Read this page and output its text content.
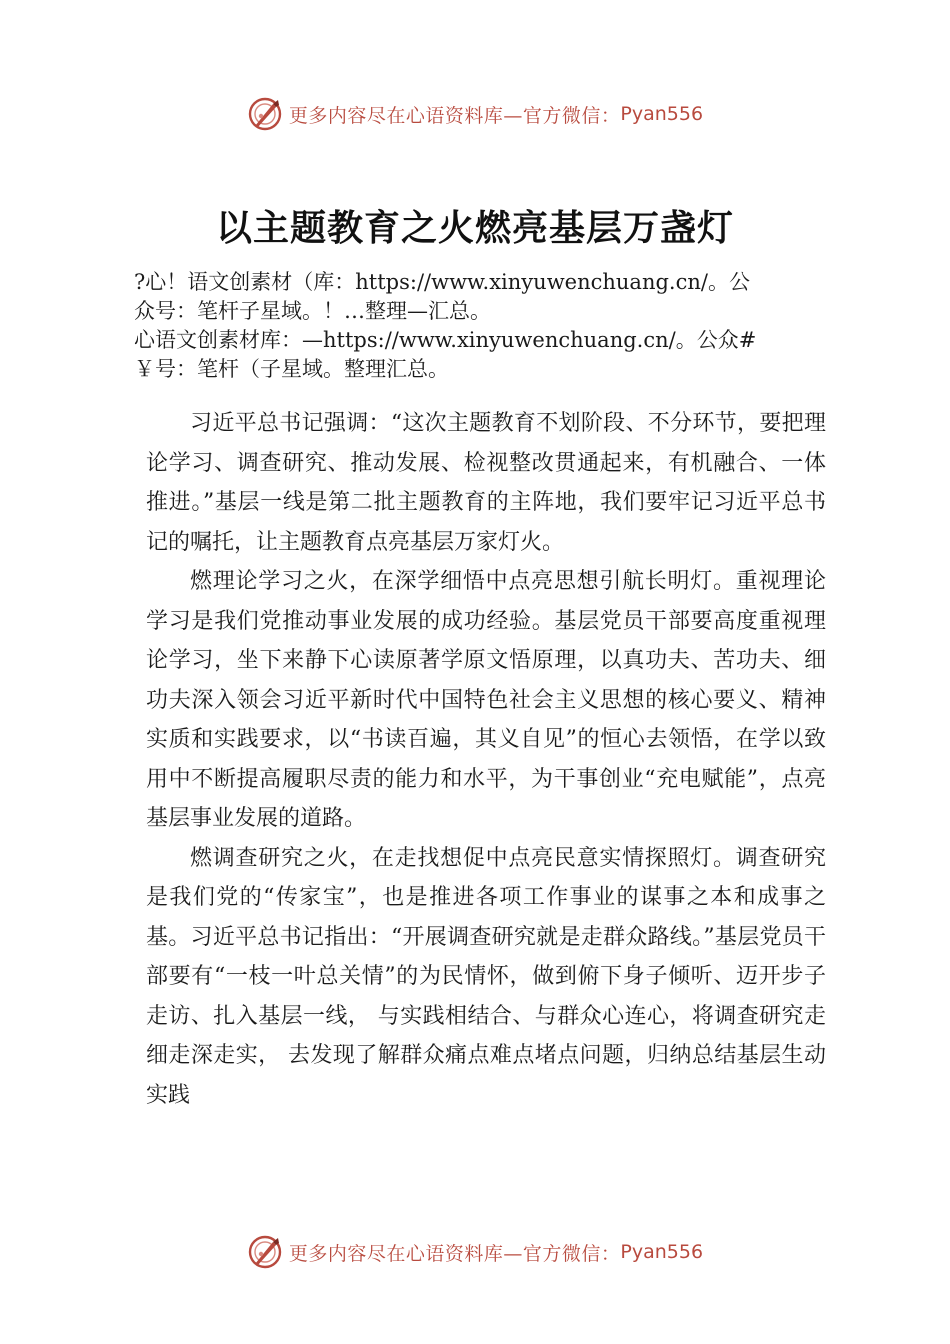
更多内容尽在心语资料库—官方微信： Pyan556
以主题教育之火燃亮基层万盏灯

?心！语文创素材（库：https://www.xinyuwenchuang.cn/。公

众号：笔杆子星域。！…整理—汇总。

心语文创素材库：—https://www.xinyuwenchuang.cn/。公众#

￥号：笔杆（子星域。整理汇总。

习近平总书记强调：“这次主题教育不划阶段、不分环节，要把理论学习、调查研究、推动发展、检视整改贯通起来，有机融合、一体推进。”基层一线是第二批主题教育的主阵地，我们要牢记习近平总书记的嘱托，让主题教育点亮基层万家灯火。

燃理论学习之火，在深学细悟中点亮思想引航长明灯。重视理论学习是我们党推动事业发展的成功经验。基层党员干部要高度重视理论学习，坐下来静下心读原著学原文悟原理，以真功夫、苦功夫、细功夫深入领会习近平新时代中国特色社会主义思想的核心要义、精神实质和实践要求，以“书读百遍，其义自见”的恒心去领悟，在学以致用中不断提高履职尽责的能力和水平，为干事创业“充电赋能”，点亮基层事业发展的道路。

燃调查研究之火，在走找想促中点亮民意实情探照灯。调查研究是我们党的“传家宝”，也是推进各项工作事业的谋事之本和成事之基。习近平总书记指出：“开展调查研究就是走群众路线。”基层党员干部要有“一枝一叶总关情”的为民情怀，做到俯下身子倾听、迈开步子走访、扎入基层一线， 与实践相结合、与群众心连心，将调查研究走细走深走实， 去发现了解群众痛点难点堵点问题，归纳总结基层生动实践

更多内容尽在心语资料库—官方微信： Pyan556
